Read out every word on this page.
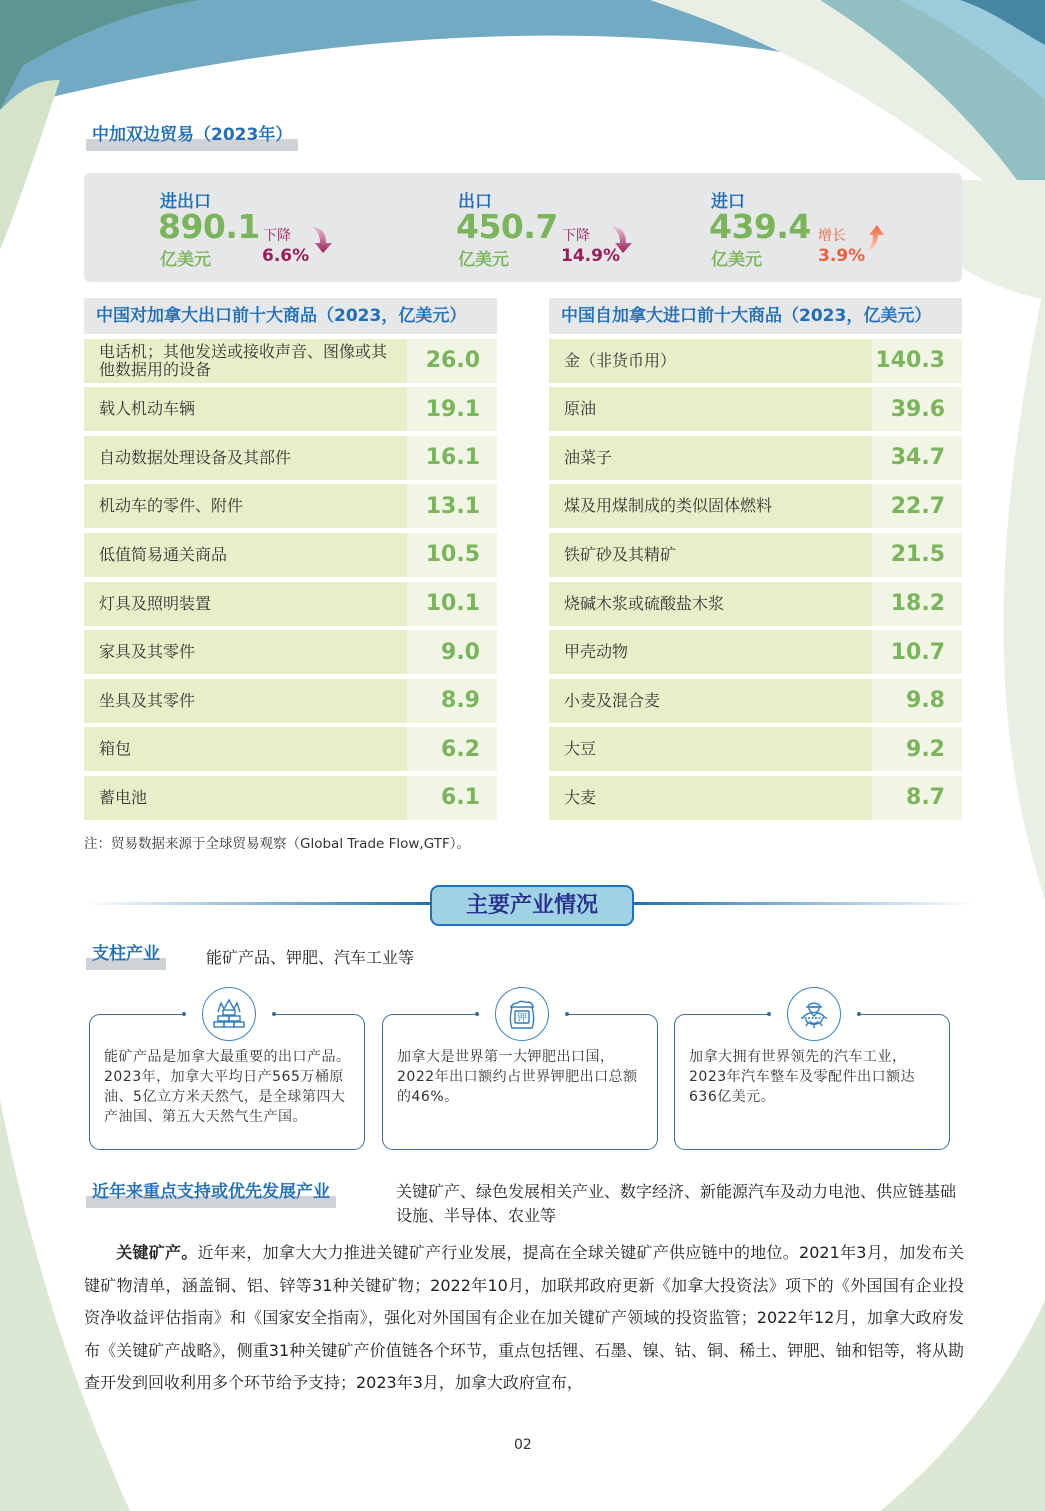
中加双边贸易（2023年）
进出口
890.1
亿美元
下降
6.6%
出口
450.7
亿美元
下降
14.9%
进口
439.4
亿美元
增长
3.9%
中国对加拿大出口前十大商品（2023，亿美元）
电话机；其他发送或接收声音、图像或其他数据用的设备	26.0
载人机动车辆	19.1
自动数据处理设备及其部件	16.1
机动车的零件、附件	13.1
低值简易通关商品	10.5
灯具及照明装置	10.1
家具及其零件	9.0
坐具及其零件	8.9
箱包	6.2
蓄电池	6.1
中国自加拿大进口前十大商品（2023，亿美元）
金（非货币用）	140.3
原油	39.6
油菜子	34.7
煤及用煤制成的类似固体燃料	22.7
铁矿砂及其精矿	21.5
烧碱木浆或硫酸盐木浆	18.2
甲壳动物	10.7
小麦及混合麦	9.8
大豆	9.2
大麦	8.7
注：贸易数据来源于全球贸易观察（Global Trade Flow,GTF）。
主要产业情况
支柱产业	能矿产品、钾肥、汽车工业等
能矿产品是加拿大最重要的出口产品。2023年，加拿大平均日产565万桶原油、5亿立方米天然气，是全球第四大产油国、第五大天然气生产国。
加拿大是世界第一大钾肥出口国，2022年出口额约占世界钾肥出口总额的46%。
加拿大拥有世界领先的汽车工业，2023年汽车整车及零配件出口额达636亿美元。
钾
近年来重点支持或优先发展产业	关键矿产、绿色发展相关产业、数字经济、新能源汽车及动力电池、供应链基础设施、半导体、农业等
关键矿产。近年来，加拿大大力推进关键矿产行业发展，提高在全球关键矿产供应链中的地位。2021年3月，加发布关键矿物清单，涵盖铜、铝、锌等31种关键矿物；2022年10月，加联邦政府更新《加拿大投资法》项下的《外国国有企业投资净收益评估指南》和《国家安全指南》，强化对外国国有企业在加关键矿产领域的投资监管；2022年12月，加拿大政府发布《关键矿产战略》，侧重31种关键矿产价值链各个环节，重点包括锂、石墨、镍、钴、铜、稀土、钾肥、铀和铝等，将从勘查开发到回收利用多个环节给予支持；2023年3月，加拿大政府宣布，
02
